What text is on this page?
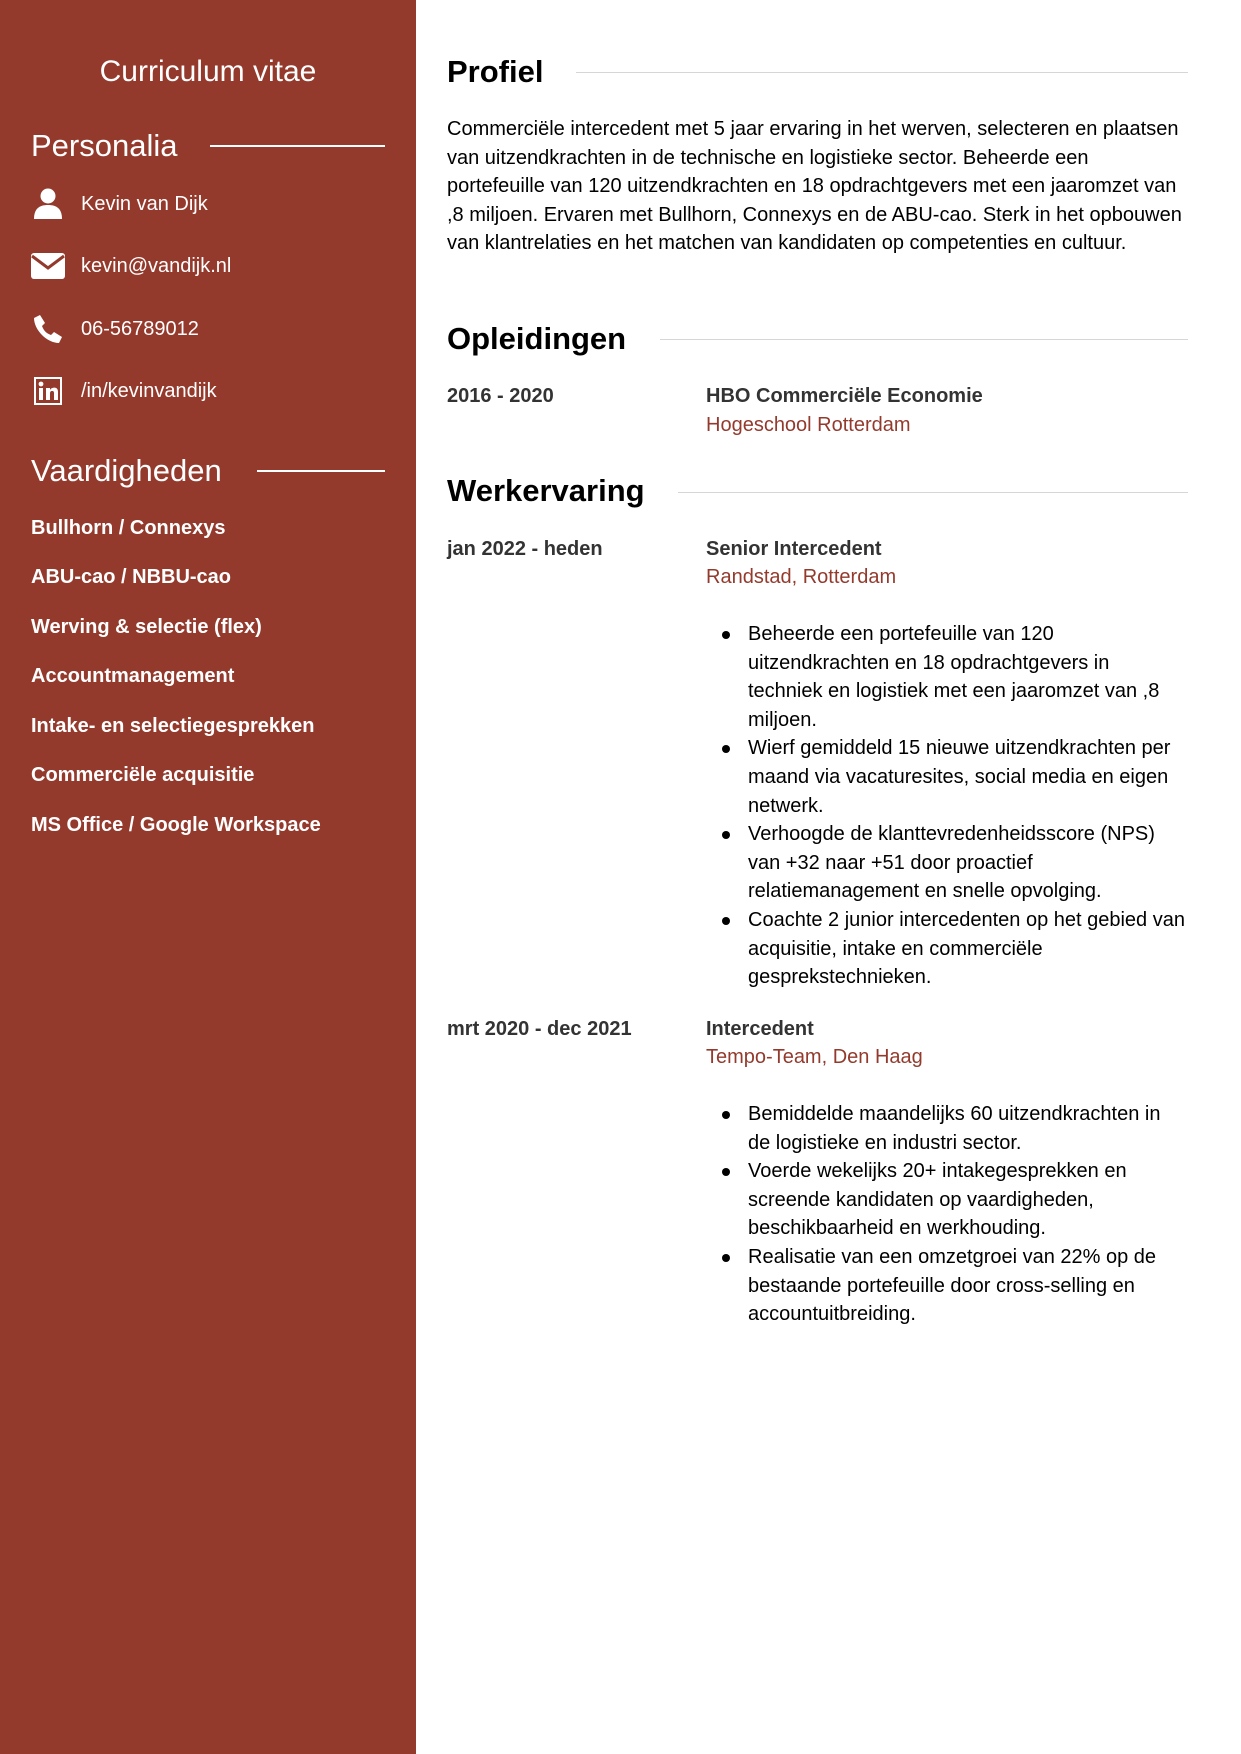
Curriculum vitae
Personalia
Kevin van Dijk
kevin@vandijk.nl
06-56789012
/in/kevinvandijk
Vaardigheden

Bullhorn / Connexys

ABU-cao / NBBU-cao

Werving & selectie (flex)

Accountmanagement

Intake- en selectiegesprekken

Commerciële acquisitie

MS Office / Google Workspace

Profiel

Commerciële intercedent met 5 jaar ervaring in het werven, selecteren en plaatsen van uitzendkrachten in de technische en logistieke sector. Beheerde een portefeuille van 120 uitzendkrachten en 18 opdrachtgevers met een jaaromzet van ,8 miljoen. Ervaren met Bullhorn, Connexys en de ABU-cao. Sterk in het opbouwen van klantrelaties en het matchen van kandidaten op competenties en cultuur.

Opleidingen

2016 - 2020	HBO Commerciële Economie

Hogeschool Rotterdam

Werkervaring

jan 2022 - heden	Senior Intercedent

Randstad, Rotterdam

Beheerde een portefeuille van 120 uitzendkrachten en 18 opdrachtgevers in techniek en logistiek met een jaaromzet van ,8 miljoen.
Wierf gemiddeld 15 nieuwe uitzendkrachten per maand via vacaturesites, social media en eigen netwerk.
Verhoogde de klanttevredenheidsscore (NPS) van +32 naar +51 door proactief relatiemanagement en snelle opvolging.
Coachte 2 junior intercedenten op het gebied van acquisitie, intake en commerciële gesprekstechnieken.

mrt 2020 - dec 2021	Intercedent

Tempo-Team, Den Haag

Bemiddelde maandelijks 60 uitzendkrachten in de logistieke en industri sector.
Voerde wekelijks 20+ intakegesprekken en screende kandidaten op vaardigheden, beschikbaarheid en werkhouding.
Realisatie van een omzetgroei van 22% op de bestaande portefeuille door cross-selling en accountuitbreiding.
